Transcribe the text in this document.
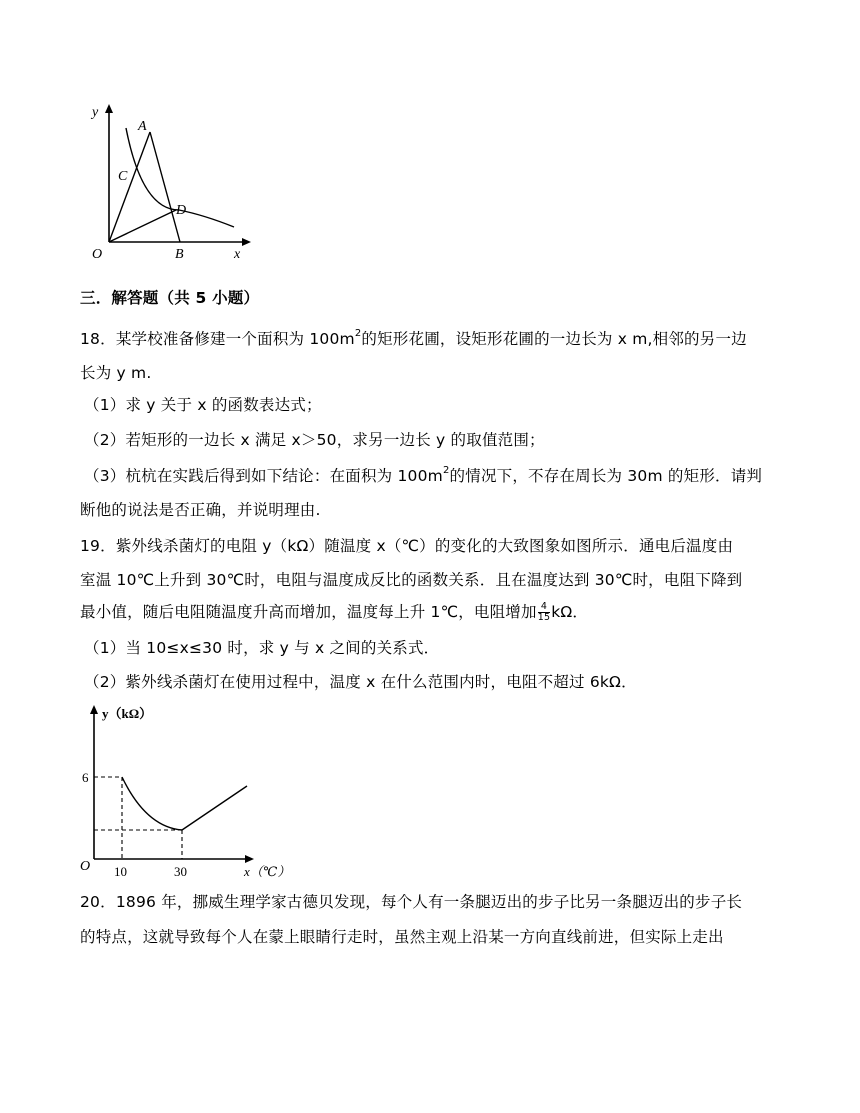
y
A
C
D
O	B	x
三．解答题（共 5 小题）
18．某学校准备修建一个面积为 $100m^2$的矩形花圃，设矩形花圃的一边长为 x m,相邻的另一边
长为 y m.
（1）求 y 关于 x 的函数表达式；
（2）若矩形的一边长 x 满足 x＞50，求另一边长 y 的取值范围；
（3）杭杭在实践后得到如下结论：在面积为 $100m^2$的情况下，不存在周长为 30m 的矩形．请判
断他的说法是否正确，并说明理由.
19．紫外线杀菌灯的电阻 y（kΩ）随温度 x（℃）的变化的大致图象如图所示．通电后温度由
室温 10℃上升到 30℃时，电阻与温度成反比的函数关系．且在温度达到 30℃时，电阻下降到
最小值，随后电阻随温度升高而增加，温度每上升 1℃，电阻增加 $\frac{4}{15}$ kΩ．
（1）当 10≤x≤30 时，求 y 与 x 之间的关系式．
（2）紫外线杀菌灯在使用过程中，温度 x 在什么范围内时，电阻不超过 6kΩ．
y（kΩ）
6
O 10	30	x（℃）
20．1896 年，挪威生理学家古德贝发现，每个人有一条腿迈出的步子比另一条腿迈出的步子长
的特点，这就导致每个人在蒙上眼睛行走时，虽然主观上沿某一方向直线前进，但实际上走出
